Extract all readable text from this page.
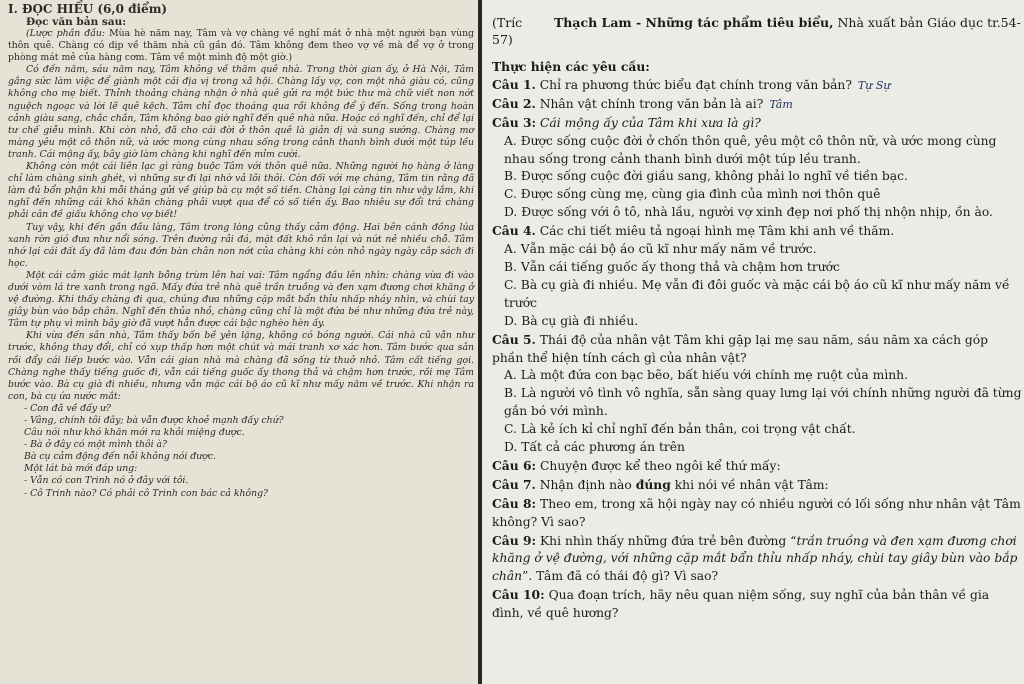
I. ĐỌC HIỂU (6,0 điểm)
Đọc văn bản sau:

(Lược phần đầu: Mùa hè năm nay, Tâm và vợ chàng về nghỉ mát ở nhà một người bạn vùng thôn quê. Chàng có dịp về thăm nhà cũ gần đó. Tâm không đem theo vợ về mà để vợ ở trong phòng mát mẻ của hàng cơm. Tâm về một mình độ một giờ.)

Có đến năm, sáu năm nay, Tâm không về thăm quê nhà. Trong thời gian ấy, ở Hà Nội, Tâm gắng sức làm việc để giành một cái địa vị trong xã hội. Chàng lấy vợ, con một nhà giàu có, cũng không cho mẹ biết. Thỉnh thoảng chàng nhận ở nhà quê gửi ra một bức thư mà chữ viết non nớt nguệch ngoạc và lời lẽ quê kệch. Tâm chỉ đọc thoáng qua rồi không để ý đến. Sống trong hoàn cảnh giàu sang, chắc chắn, Tâm không bao giờ nghĩ đến quê nhà nữa. Hoặc có nghĩ đến, chỉ để lại tư chế giễu mình. Khi còn nhỏ, đã cho cái đời ở thôn quê là giản dị và sung sướng. Chàng mơ màng yêu một cô thôn nữ, và ước mong cùng nhau sống trong cảnh thanh bình dưới một túp lều tranh. Cái mộng ấy, bây giờ làm chàng khi nghĩ đến mỉm cười.

Không còn một cái liên lạc gì ràng buộc Tâm với thôn quê nữa. Những người họ hàng ở làng chỉ làm chàng sinh ghét, vì những sự đi lại nhờ vả lôi thôi. Còn đối với mẹ chàng, Tâm tin rằng đã làm đủ bổn phận khi mỗi tháng gửi về giúp bà cụ một số tiền. Chàng lại càng tin như vậy lắm, khi nghĩ đến những cái khó khăn chàng phải vượt qua để có số tiền ấy. Bao nhiêu sự đổi trá chàng phải cân đề giấu không cho vợ biết!

Tuy vậy, khi đến gần đầu làng, Tâm trong lòng cũng thấy cảm động. Hai bên cánh đồng lúa xanh rờn gió đưa như nổi sóng. Trên đường rải đá, mặt đất khô rắn lại và nứt nẻ nhiều chỗ. Tâm nhớ lại cái đất ấy đã làm đau đớn bàn chân non nớt của chàng khi còn nhỏ ngày ngày cắp sách đi học.

Một cái cảm giác mát lạnh bỗng trùm lên hai vai: Tâm ngẩng đầu lên nhìn: chàng vừa đi vào dưới vòm lá tre xanh trong ngõ. Mấy đứa trẻ nhà quê trần truồng và đen xạm đương chơi khăng ở vệ đường. Khi thấy chàng đi qua, chúng đưa những cặp mắt bẩn thỉu nhấp nháy nhìn, và chùi tay giây bùn vào bắp chân. Nghĩ đến thủa nhỏ, chàng cũng chỉ là một đứa bé như những đứa trẻ này, Tâm tự phụ vì mình bây giờ đã vượt hẳn được cái bậc nghèo hèn ấy.

Khi vừa đến sân nhà, Tâm thấy bốn bề yên lặng, không có bóng người. Cái nhà cũ vẫn như trước, không thay đổi, chỉ có xụp thấp hơn một chút và mái tranh xơ xác hơn. Tâm bước qua sân rồi đẩy cái liếp bước vào. Vẫn cái gian nhà mà chàng đã sống từ thuở nhỏ. Tâm cất tiếng gọi. Chàng nghe thấy tiếng guốc đi, vẫn cái tiếng guốc ấy thong thả và chậm hơn trước, rồi mẹ Tâm bước vào. Bà cụ già đi nhiều, nhưng vẫn mặc cái bộ áo cũ kĩ như mấy năm về trước. Khi nhận ra con, bà cụ ứa nước mắt:

- Con đã về đấy ư?

- Vâng, chính tôi đây; bà vẫn được khoẻ mạnh đấy chứ?

Câu nói như khó khăn mới ra khỏi miệng được.

- Bà ở đây có một mình thôi à?

Bà cụ cảm động đến nỗi không nói được.

Một lát bà mới đáp ung:

- Vẫn có con Trinh nó ở đây với tôi.

- Cô Trinh nào? Có phải cô Trinh con bác cả không?

(Tríc	Thạch Lam - Những tác phẩm tiêu biểu, Nhà xuất bản Giáo dục tr.54-57)

Thực hiện các yêu cầu:

Câu 1. Chỉ ra phương thức biểu đạt chính trong văn bản? Tự Sự

Câu 2. Nhân vật chính trong văn bản là ai? Tâm

Câu 3: Cái mộng ấy của Tâm khi xưa là gì?

A. Được sống cuộc đời ở chốn thôn quê, yêu một cô thôn nữ, và ước mong cùng nhau sống trong cảnh thanh bình dưới một túp lều tranh.

B. Được sống cuộc đời giầu sang, không phải lo nghĩ về tiền bạc.

C. Được sống cùng mẹ, cùng gia đình của mình nơi thôn quê

D. Được sống với ô tô, nhà lầu, người vợ xinh đẹp nơi phố thị nhộn nhịp, ồn ào.

Câu 4. Các chi tiết miêu tả ngoại hình mẹ Tâm khi anh về thăm.

A. Vẫn mặc cái bộ áo cũ kĩ như mấy năm về trước.

B. Vẫn cái tiếng guốc ấy thong thả và chậm hơn trước

C. Bà cụ già đi nhiều. Mẹ vẫn đi đôi guốc và mặc cái bộ áo cũ kĩ như mấy năm về trước

D. Bà cụ già đi nhiều.

Câu 5. Thái độ của nhân vật Tâm khi gặp lại mẹ sau năm, sáu năm xa cách góp phần thể hiện tính cách gì của nhân vật?

A. Là một đứa con bạc bẽo, bất hiếu với chính mẹ ruột của mình.

B. Là người vô tình vô nghĩa, sẵn sàng quay lưng lại với chính những người đã từng gắn bó với mình.

C. Là kẻ ích kỉ chỉ nghĩ đến bản thân, coi trọng vật chất.

D. Tất cả các phương án trên

Câu 6: Chuyện được kể theo ngôi kể thứ mấy:

Câu 7. Nhận định nào đúng khi nói về nhân vật Tâm:

Câu 8: Theo em, trong xã hội ngày nay có nhiều người có lối sống như nhân vật Tâm không? Vì sao?

Câu 9: Khi nhìn thấy những đứa trẻ bên đường “trần truồng và đen xạm đương chơi khăng ở vệ đường, với những cặp mắt bẩn thỉu nhấp nháy, chùi tay giây bùn vào bắp chân”. Tâm đã có thái độ gì? Vì sao?

Câu 10: Qua đoạn trích, hãy nêu quan niệm sống, suy nghĩ của bản thân về gia đình, về quê hương?
